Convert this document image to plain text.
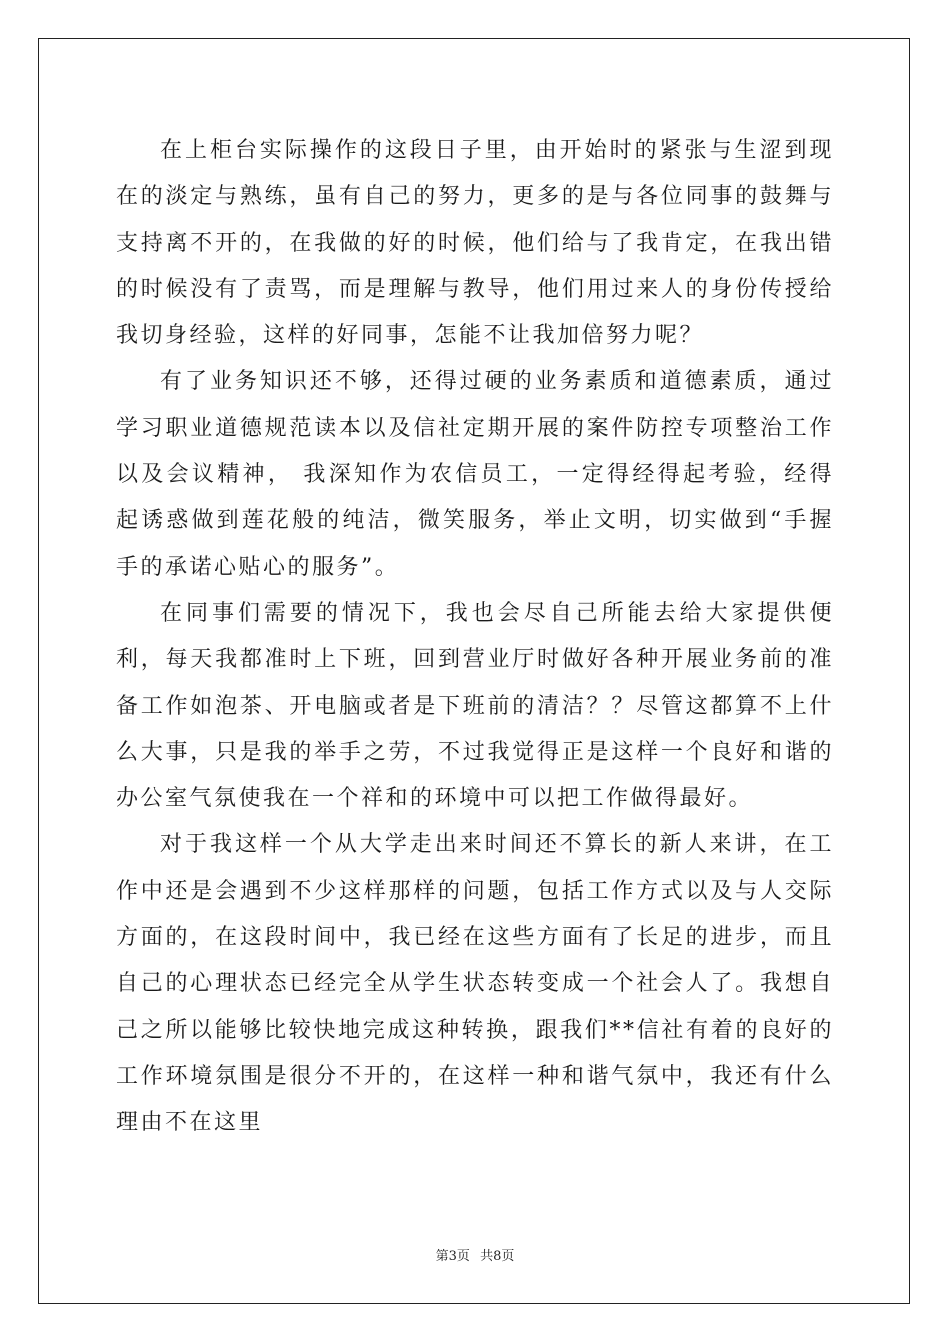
在上柜台实际操作的这段日子里，由开始时的紧张与生涩到现在的淡定与熟练，虽有自己的努力，更多的是与各位同事的鼓舞与支持离不开的，在我做的好的时候，他们给与了我肯定，在我出错的时候没有了责骂，而是理解与教导，他们用过来人的身份传授给我切身经验，这样的好同事，怎能不让我加倍努力呢？

有了业务知识还不够，还得过硬的业务素质和道德素质，通过学习职业道德规范读本以及信社定期开展的案件防控专项整治工作以及会议精神， 我深知作为农信员工，一定得经得起考验，经得起诱惑做到莲花般的纯洁，微笑服务，举止文明，切实做到“手握手的承诺心贴心的服务”。

在同事们需要的情况下，我也会尽自己所能去给大家提供便利，每天我都准时上下班，回到营业厅时做好各种开展业务前的准备工作如泡茶、开电脑或者是下班前的清洁？？尽管这都算不上什么大事，只是我的举手之劳，不过我觉得正是这样一个良好和谐的办公室气氛使我在一个祥和的环境中可以把工作做得最好。

对于我这样一个从大学走出来时间还不算长的新人来讲，在工作中还是会遇到不少这样那样的问题，包括工作方式以及与人交际方面的，在这段时间中，我已经在这些方面有了长足的进步，而且自己的心理状态已经完全从学生状态转变成一个社会人了。我想自己之所以能够比较快地完成这种转换，跟我们**信社有着的良好的工作环境氛围是很分不开的，在这样一种和谐气氛中，我还有什么理由不在这里

第3页 共8页
